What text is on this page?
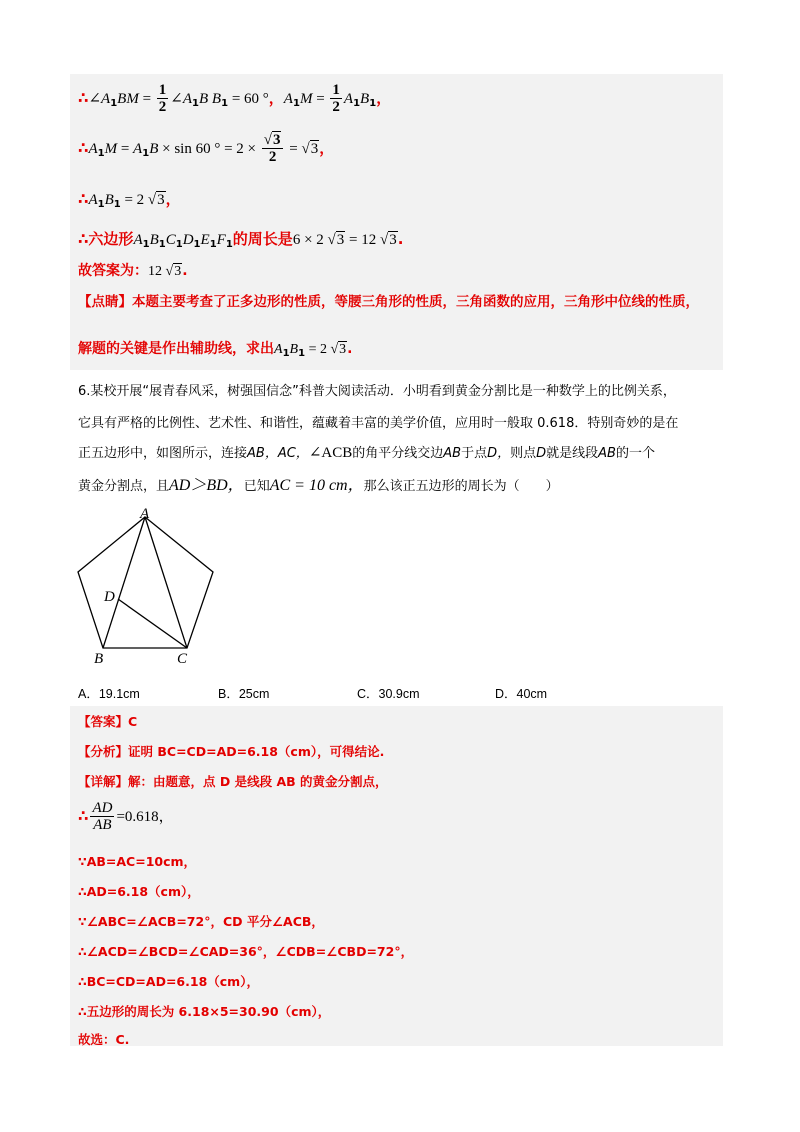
$\therefore\angle A_1BM = \frac{1}{2}$ $\angle A_1B$ $B_1 = 60$ °，$A_1M = \frac{1}{2} A_1B_1$，
$\therefore A_1M = A_1B \times \sin 60$ ° = $2 \times \frac{√3}{2} = √3$，
$\therefore A_1B_1 = 2$ √3，
∴六边形$A_1B_1C_1D_1E_1F_1$的周长是6 × 2 √3 = 12 √3.
故答案为：12 √3.
【点睛】本题主要考查了正多边形的性质，等腰三角形的性质，三角函数的应用，三角形中位线的性质，
解题的关键是作出辅助线，求出$A_1B_1 = 2$ √3.
6.某校开展“展青春风采，树强国信念”科普大阅读活动．小明看到黄金分割比是一种数学上的比例关系，
它具有严格的比例性、艺术性、和谐性，蕴藏着丰富的美学价值，应用时一般取 0.618．特别奇妙的是在
正五边形中，如图所示，连接AB，AC，∠ACB的角平分线交边AB于点D，则点D就是线段AB的一个
黄金分割点，且AD＞BD，已知AC = 10 cm，那么该正五边形的周长为（　　）
A
D
B	C
A．19.1cm	B．25cm	C．30.9cm	D．40cm
【答案】C
【分析】证明 BC=CD=AD=6.18（cm），可得结论.
【详解】解：由题意，点 D 是线段 AB 的黄金分割点，
∴ $\frac{AD}{AB} =0.618$，
∵AB=AC=10cm，
∴AD=6.18（cm），
∵∠ABC=∠ACB=72°，CD 平分∠ACB，
∴∠ACD=∠BCD=∠CAD=36°，∠CDB=∠CBD=72°，
∴BC=CD=AD=6.18（cm），
∴五边形的周长为 6.18×5=30.90（cm），
故选：C.
